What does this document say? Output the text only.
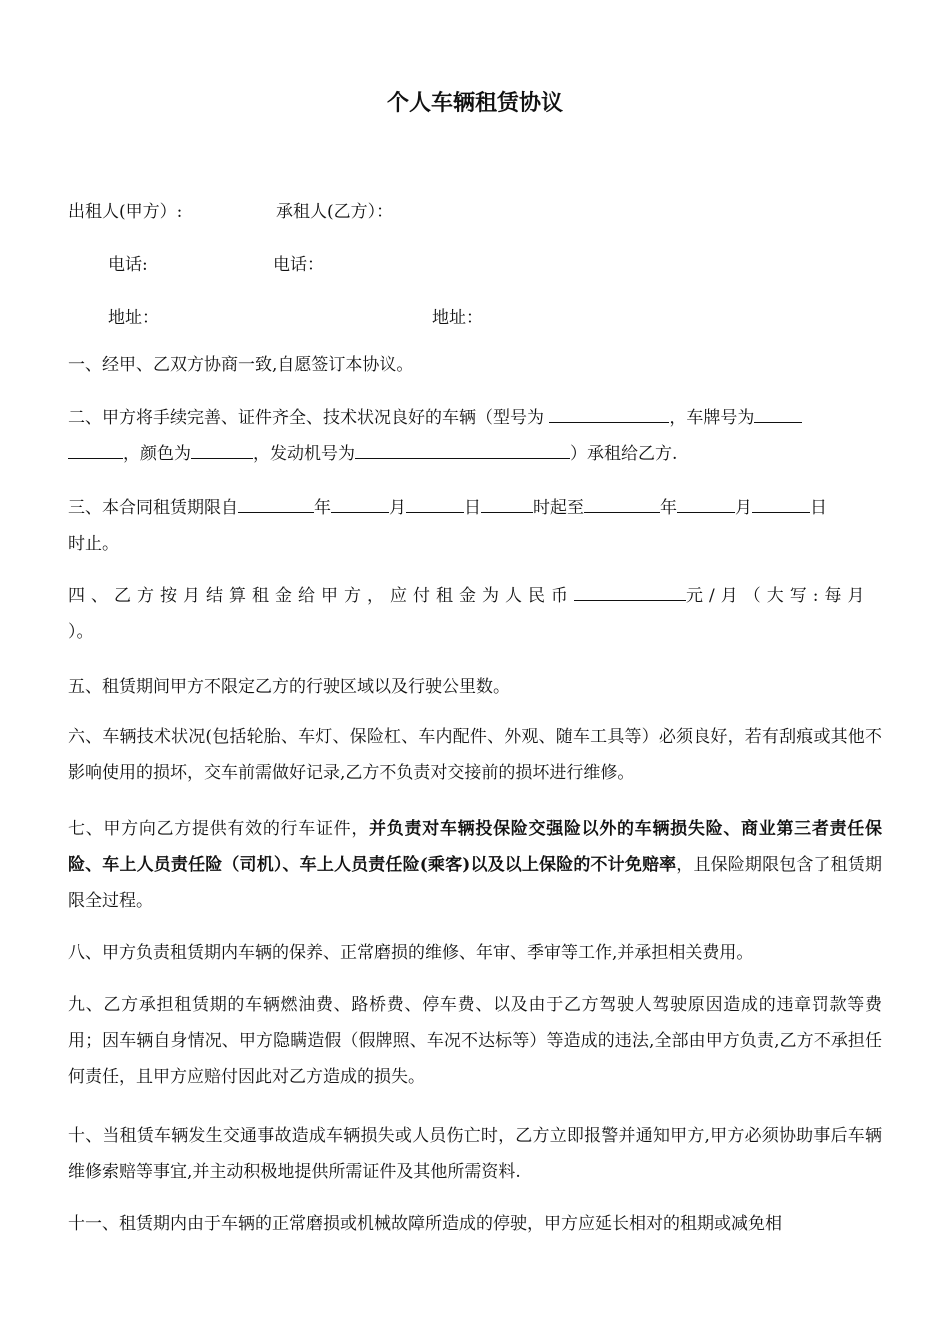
个人车辆租赁协议
出租人(甲方）:	承租人(乙方）：
电话:	电话：
地址：	地址：
一、经甲、乙双方协商一致,自愿签订本协议。
二、甲方将手续完善、证件齐全、技术状况良好的车辆（型号为	，车牌号为
，颜色为	，发动机号为	）承租给乙方.
三、本合同租赁期限自	年	月	日	时起至	年	月	日
时止。
四、乙方按月结算租金给甲方，应付租金为人民币	元/月（大写:每月
）。
五、租赁期间甲方不限定乙方的行驶区域以及行驶公里数。
六、车辆技术状况(包括轮胎、车灯、保险杠、车内配件、外观、随车工具等）必须良好，若有刮痕或其他不影响使用的损坏，交车前需做好记录,乙方不负责对交接前的损坏进行维修。
七、甲方向乙方提供有效的行车证件，并负责对车辆投保险交强险以外的车辆损失险、商业第三者责任保险、车上人员责任险（司机）、车上人员责任险(乘客)以及以上保险的不计免赔率，且保险期限包含了租赁期限全过程。
八、甲方负责租赁期内车辆的保养、正常磨损的维修、年审、季审等工作,并承担相关费用。
九、乙方承担租赁期的车辆燃油费、路桥费、停车费、以及由于乙方驾驶人驾驶原因造成的违章罚款等费用；因车辆自身情况、甲方隐瞒造假（假牌照、车况不达标等）等造成的违法,全部由甲方负责,乙方不承担任何责任，且甲方应赔付因此对乙方造成的损失。
十、当租赁车辆发生交通事故造成车辆损失或人员伤亡时，乙方立即报警并通知甲方,甲方必须协助事后车辆维修索赔等事宜,并主动积极地提供所需证件及其他所需资料.
十一、租赁期内由于车辆的正常磨损或机械故障所造成的停驶，甲方应延长相对的租期或减免相
